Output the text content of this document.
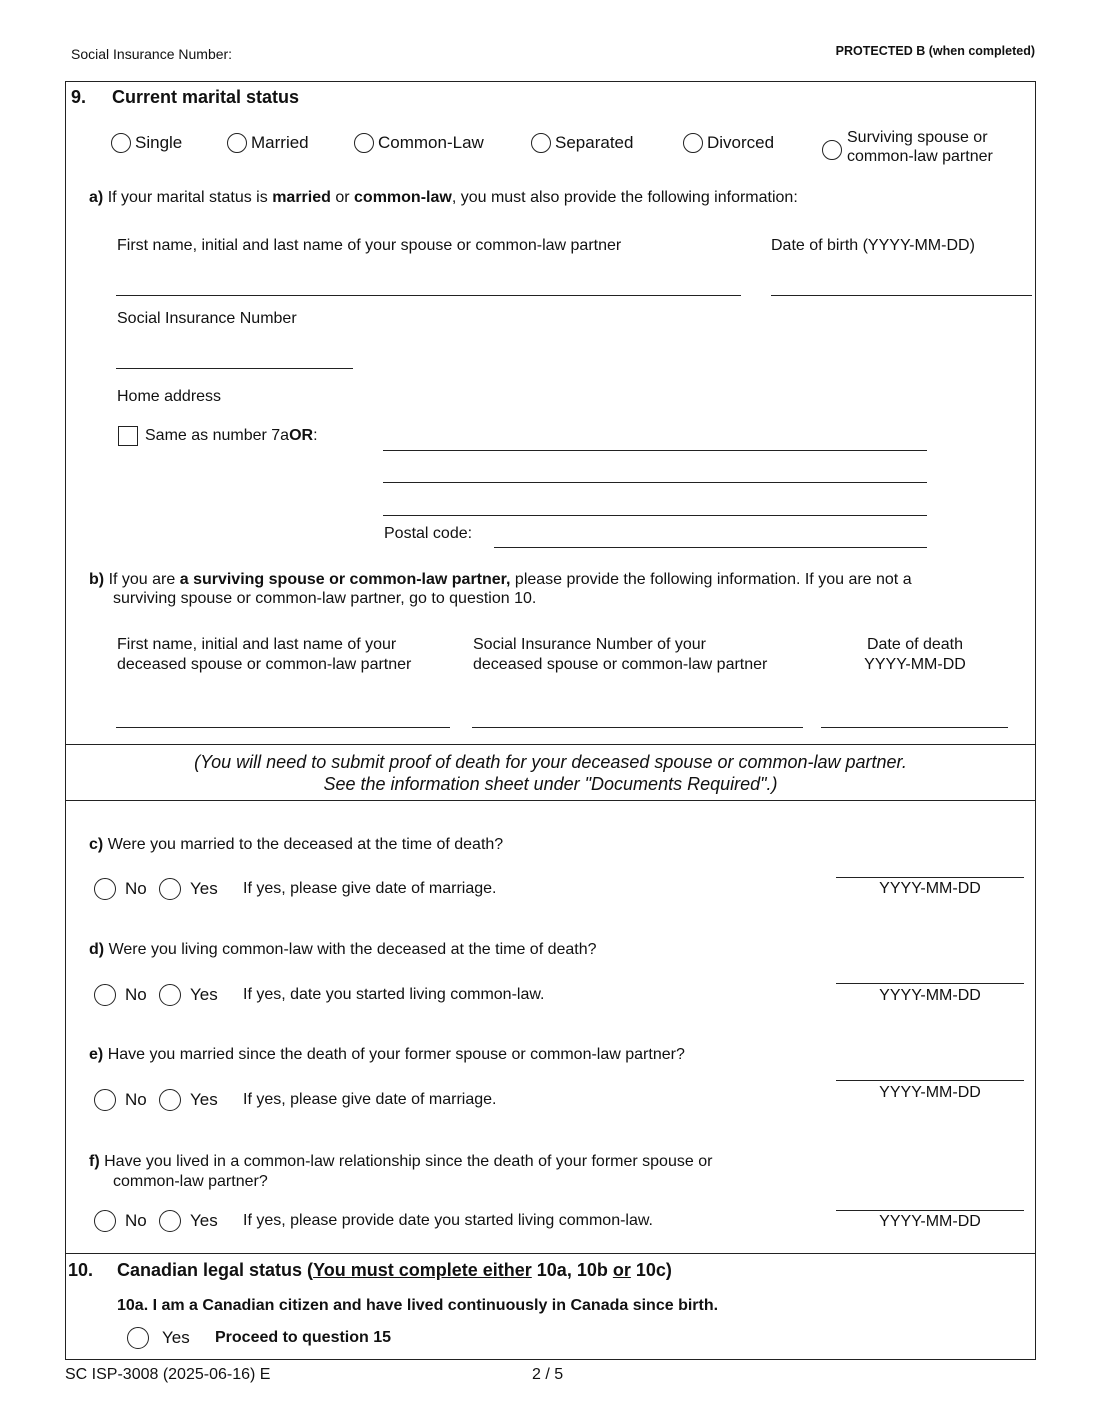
Social Insurance Number:	PROTECTED B (when completed)
9. Current marital status
Single	Married	Common-Law	Separated	Divorced	Surviving spouse or
common-law partner
a) If your marital status is married or common-law, you must also provide the following information:
First name, initial and last name of your spouse or common-law partner	Date of birth (YYYY-MM-DD)
Social Insurance Number
Home address
Same as number 7a OR :
Postal code:
b) If you are a surviving spouse or common-law partner, please provide the following information. If you are not a
surviving spouse or common-law partner, go to question 10.
First name, initial and last name of your
deceased spouse or common-law partner
Social Insurance Number of your
deceased spouse or common-law partner
Date of death
YYYY-MM-DD
(You will need to submit proof of death for your deceased spouse or common-law partner.
See the information sheet under "Documents Required".)
c) Were you married to the deceased at the time of death?
No	Yes If yes, please give date of marriage.	YYYY-MM-DD
d) Were you living common-law with the deceased at the time of death?
No	Yes If yes, date you started living common-law.	YYYY-MM-DD
e) Have you married since the death of your former spouse or common-law partner?
No	Yes If yes, please give date of marriage.	YYYY-MM-DD
f) Have you lived in a common-law relationship since the death of your former spouse or
common-law partner?
No	Yes If yes, please provide date you started living common-law.	YYYY-MM-DD
10. Canadian legal status (You must complete either 10a, 10b or 10c)
10a. I am a Canadian citizen and have lived continuously in Canada since birth.
Yes Proceed to question 15
SC ISP-3008 (2025-06-16) E	2 / 5
